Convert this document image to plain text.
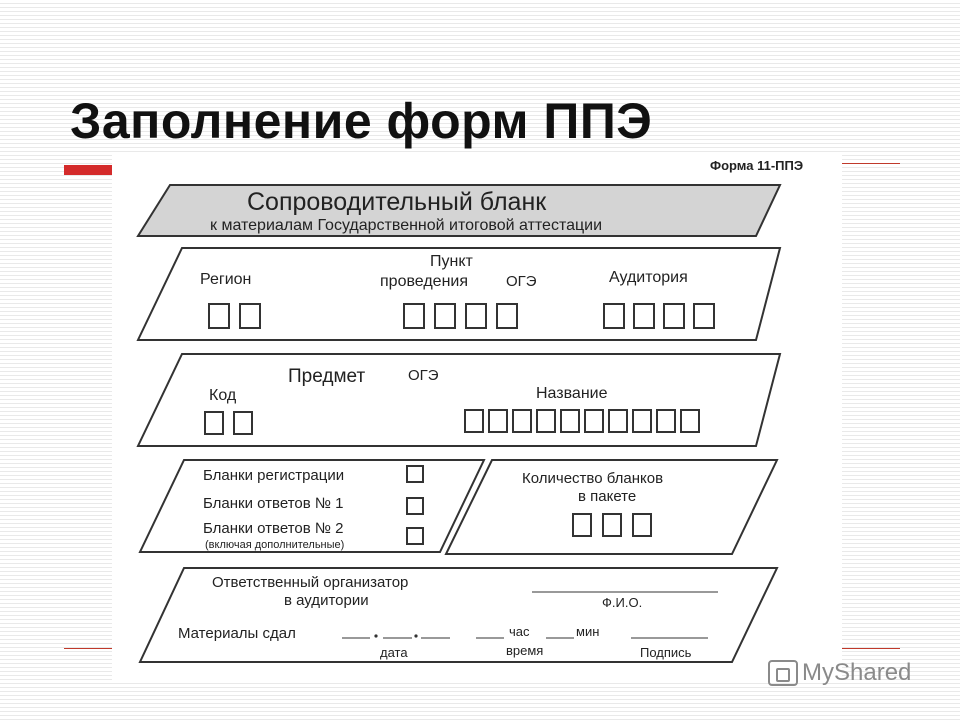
Заполнение форм ППЭ
Форма 11-ППЭ
Сопроводительный бланк
к материалам Государственной итоговой аттестации
Регион
Пункт
проведения	ОГЭ	Аудитория
Предмет	ОГЭ
Код	Название
Бланки регистрации
Бланки ответов № 1
Бланки ответов № 2
(включая дополнительные)
Количество бланков
в пакете
Ответственный организатор
в аудитории	Ф.И.О.
Материалы сдал	час	мин
дата	время	Подпись
MyShared
